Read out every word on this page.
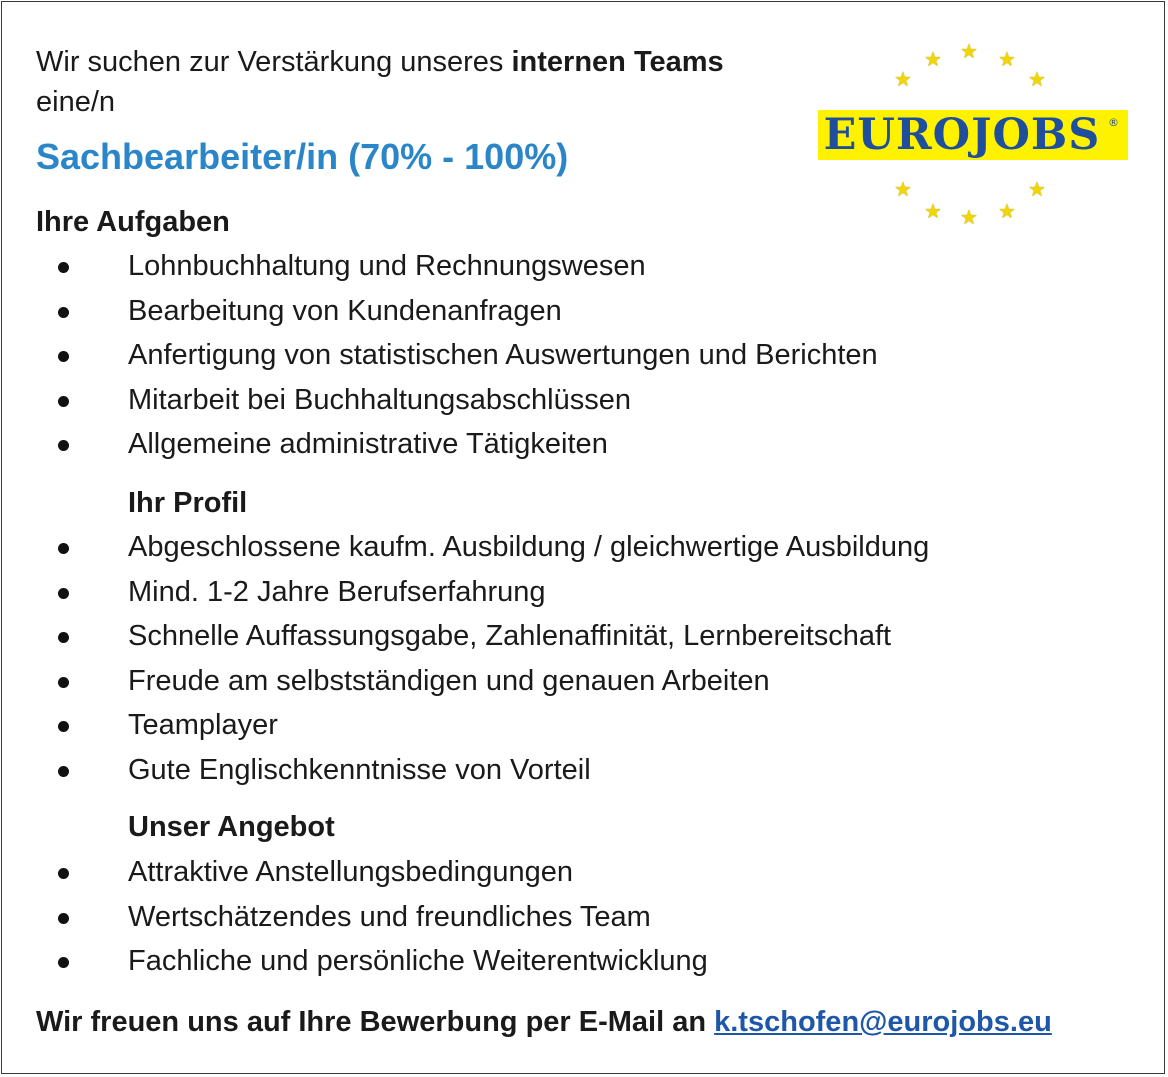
Wir suchen zur Verstärkung unseres internen Teams
eine/n
Sachbearbeiter/in (70% - 100%)
★
★ ★ ★
★
EUROJOBS ®
★
★ ★ ★
★
Ihre Aufgaben
Lohnbuchhaltung und Rechnungswesen
Bearbeitung von Kundenanfragen
Anfertigung von statistischen Auswertungen und Berichten
Mitarbeit bei Buchhaltungsabschlüssen
Allgemeine administrative Tätigkeiten
Ihr Profil
Abgeschlossene kaufm. Ausbildung / gleichwertige Ausbildung
Mind. 1-2 Jahre Berufserfahrung
Schnelle Auffassungsgabe, Zahlenaffinität, Lernbereitschaft
Freude am selbstständigen und genauen Arbeiten
Teamplayer
Gute Englischkenntnisse von Vorteil
Unser Angebot
Attraktive Anstellungsbedingungen
Wertschätzendes und freundliches Team
Fachliche und persönliche Weiterentwicklung
Wir freuen uns auf Ihre Bewerbung per E-Mail an k.tschofen@eurojobs.eu
